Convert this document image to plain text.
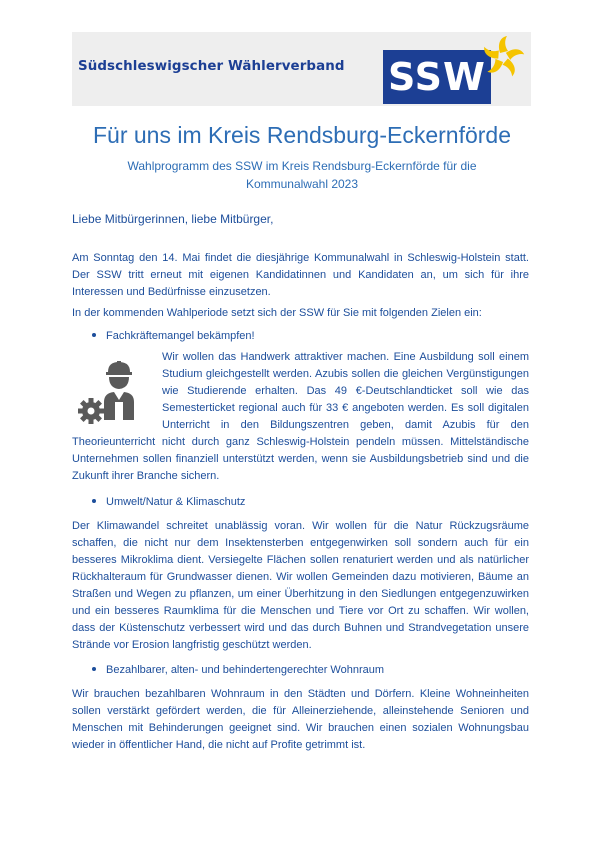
Südschleswigscher Wählerverband SSW
Für uns im Kreis Rendsburg-Eckernförde
Wahlprogramm des SSW im Kreis Rendsburg-Eckernförde für die
Kommunalwahl 2023
Liebe Mitbürgerinnen, liebe Mitbürger,
Am Sonntag den 14. Mai findet die diesjährige Kommunalwahl in Schleswig-Holstein statt. Der SSW tritt erneut mit eigenen Kandidatinnen und Kandidaten an, um sich für ihre Interessen und Bedürfnisse einzusetzen.
In der kommenden Wahlperiode setzt sich der SSW für Sie mit folgenden Zielen ein:
Fachkräftemangel bekämpfen!
Wir wollen das Handwerk attraktiver machen. Eine Ausbildung soll einem Studium gleichgestellt werden. Azubis sollen die gleichen Vergünstigungen wie Studierende erhalten. Das 49 €-Deutschlandticket soll wie das Semesterticket regional auch für 33 € angeboten werden. Es soll digitalen Unterricht in den Bildungszentren geben, damit Azubis für den Theorieunterricht nicht durch ganz Schleswig-Holstein pendeln müssen. Mittelständische Unternehmen sollen finanziell unterstützt werden, wenn sie Ausbildungsbetrieb sind und die Zukunft ihrer Branche sichern.
Umwelt/Natur & Klimaschutz
Der Klimawandel schreitet unablässig voran. Wir wollen für die Natur Rückzugsräume schaffen, die nicht nur dem Insektensterben entgegenwirken soll sondern auch für ein besseres Mikroklima dient. Versiegelte Flächen sollen renaturiert werden und als natürlicher Rückhalteraum für Grundwasser dienen. Wir wollen Gemeinden dazu motivieren, Bäume an Straßen und Wegen zu pflanzen, um einer Überhitzung in den Siedlungen entgegenzuwirken und ein besseres Raumklima für die Menschen und Tiere vor Ort zu schaffen. Wir wollen, dass der Küstenschutz verbessert wird und das durch Buhnen und Strandvegetation unsere Strände vor Erosion langfristig geschützt werden.
Bezahlbarer, alten- und behindertengerechter Wohnraum
Wir brauchen bezahlbaren Wohnraum in den Städten und Dörfern. Kleine Wohneinheiten sollen verstärkt gefördert werden, die für Alleinerziehende, alleinstehende Senioren und Menschen mit Behinderungen geeignet sind. Wir brauchen einen sozialen Wohnungsbau wieder in öffentlicher Hand, die nicht auf Profite getrimmt ist.
